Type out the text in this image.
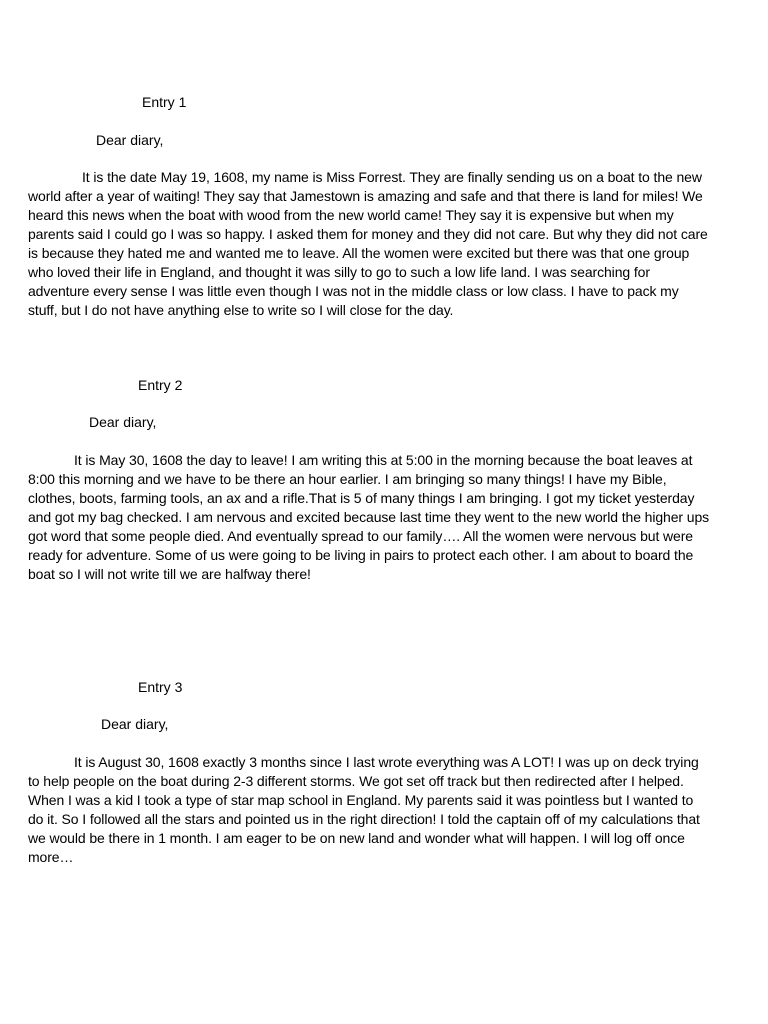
Entry 1
Dear diary,
It is the date May 19, 1608, my name is Miss Forrest. They are finally sending us on a boat to the new
world after a year of waiting! They say that Jamestown is amazing and safe and that there is land for miles! We
heard this news when the boat with wood from the new world came! They say it is expensive but when my
parents said I could go I was so happy. I asked them for money and they did not care. But why they did not care
is because they hated me and wanted me to leave. All the women were excited but there was that one group
who loved their life in England, and thought it was silly to go to such a low life land. I was searching for
adventure every sense I was little even though I was not in the middle class or low class. I have to pack my
stuff, but I do not have anything else to write so I will close for the day.
Entry 2
Dear diary,
It is May 30, 1608 the day to leave! I am writing this at 5:00 in the morning because the boat leaves at
8:00 this morning and we have to be there an hour earlier. I am bringing so many things! I have my Bible,
clothes, boots, farming tools, an ax and a rifle.That is 5 of many things I am bringing. I got my ticket yesterday
and got my bag checked. I am nervous and excited because last time they went to the new world the higher ups
got word that some people died. And eventually spread to our family…. All the women were nervous but were
ready for adventure. Some of us were going to be living in pairs to protect each other. I am about to board the
boat so I will not write till we are halfway there!
Entry 3
Dear diary,
It is August 30, 1608 exactly 3 months since I last wrote everything was A LOT! I was up on deck trying
to help people on the boat during 2-3 different storms. We got set off track but then redirected after I helped.
When I was a kid I took a type of star map school in England. My parents said it was pointless but I wanted to
do it. So I followed all the stars and pointed us in the right direction! I told the captain off of my calculations that
we would be there in 1 month. I am eager to be on new land and wonder what will happen. I will log off once
more…
